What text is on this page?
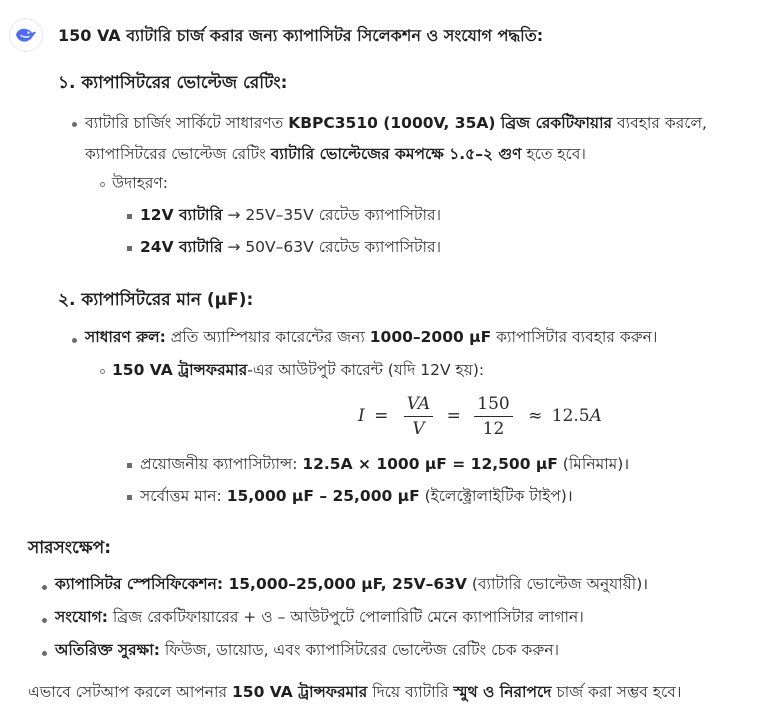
150 VA ব্যাটারি চার্জ করার জন্য ক্যাপাসিটর সিলেকশন ও সংযোগ পদ্ধতি:
১. ক্যাপাসিটরের ভোল্টেজ রেটিং:
ব্যাটারি চার্জিং সার্কিটে সাধারণত KBPC3510 (1000V, 35A) ব্রিজ রেকটিফায়ার ব্যবহার করলে,
ক্যাপাসিটরের ভোল্টেজ রেটিং ব্যাটারি ভোল্টেজের কমপক্ষে ১.৫–২ গুণ হতে হবে।
উদাহরণ:
12V ব্যাটারি → 25V–35V রেটেড ক্যাপাসিটার।
24V ব্যাটারি → 50V–63V রেটেড ক্যাপাসিটার।
২. ক্যাপাসিটরের মান (µF):
সাধারণ রুল: প্রতি অ্যাম্পিয়ার কারেন্টের জন্য 1000–2000 µF ক্যাপাসিটার ব্যবহার করুন।
150 VA ট্রান্সফরমার-এর আউটপুট কারেন্ট (যদি 12V হয়):
$I = \frac{VA}{V} = \frac{150}{12} \approx 12.5A$
প্রয়োজনীয় ক্যাপাসিট্যান্স: 12.5A × 1000 µF = 12,500 µF (মিনিমাম)।
সর্বোত্তম মান: 15,000 µF – 25,000 µF (ইলেক্ট্রোলাইটিক টাইপ)।
সারসংক্ষেপ:
ক্যাপাসিটর স্পেসিফিকেশন: 15,000–25,000 µF, 25V–63V (ব্যাটারি ভোল্টেজ অনুযায়ী)।
সংযোগ: ব্রিজ রেকটিফায়ারের + ও – আউটপুটে পোলারিটি মেনে ক্যাপাসিটার লাগান।
অতিরিক্ত সুরক্ষা: ফিউজ, ডায়োড, এবং ক্যাপাসিটরের ভোল্টেজ রেটিং চেক করুন।
এভাবে সেটআপ করলে আপনার 150 VA ট্রান্সফরমার দিয়ে ব্যাটারি স্মুথ ও নিরাপদে চার্জ করা সম্ভব হবে।
